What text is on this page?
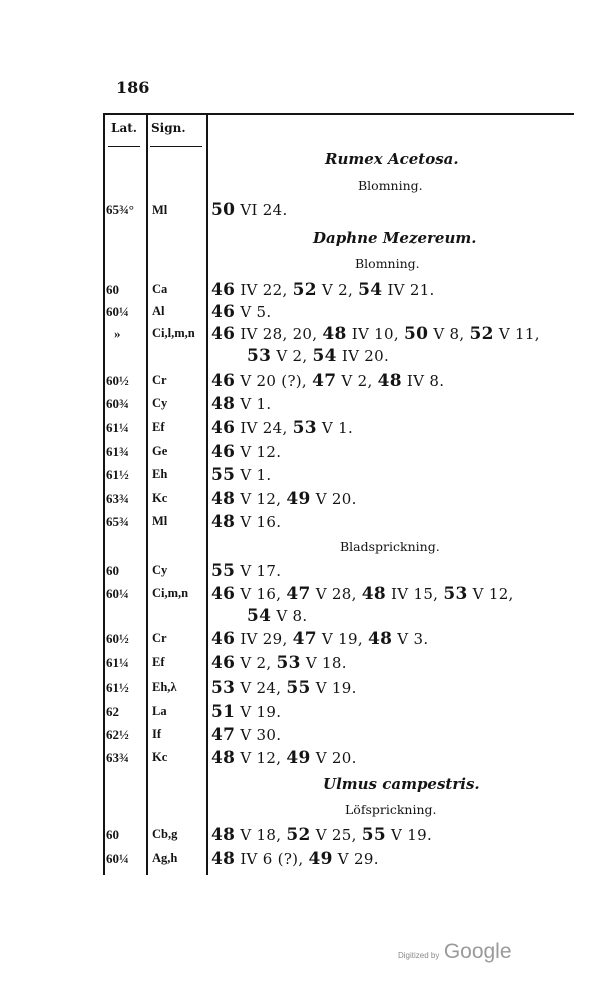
186
Lat. Sign.
Rumex Acetosa.
Blomning.
65¾° Ml	50 VI 24.
Daphne Mezereum.
Blomning.
60	Ca	46 IV 22, 52 V 2, 54 IV 21.
60¼ Al	46 V 5.
»	Ci,l,m,n 46 IV 28, 20, 48 IV 10, 50 V 8, 52 V 11,
53 V 2, 54 IV 20.
60½ Cr	46 V 20 (?), 47 V 2, 48 IV 8.
60¾ Cy	48 V 1.
61¼ Ef	46 IV 24, 53 V 1.
61¾ Ge	46 V 12.
61½ Eh	55 V 1.
63¾ Kc	48 V 12, 49 V 20.
65¾ Ml	48 V 16.
Bladsprickning.
60	Cy	55 V 17.
60¼ Ci,m,n 46 V 16, 47 V 28, 48 IV 15, 53 V 12,
54 V 8.
60½ Cr	46 IV 29, 47 V 19, 48 V 3.
61¼ Ef	46 V 2, 53 V 18.
61½ Eh,λ 53 V 24, 55 V 19.
62	La	51 V 19.
62½ If	47 V 30.
63¾ Kc	48 V 12, 49 V 20.
Ulmus campestris.
Löfsprickning.
60	Cb,g 48 V 18, 52 V 25, 55 V 19.
60¼ Ag,h 48 IV 6 (?), 49 V 29.
Digitized by Google
